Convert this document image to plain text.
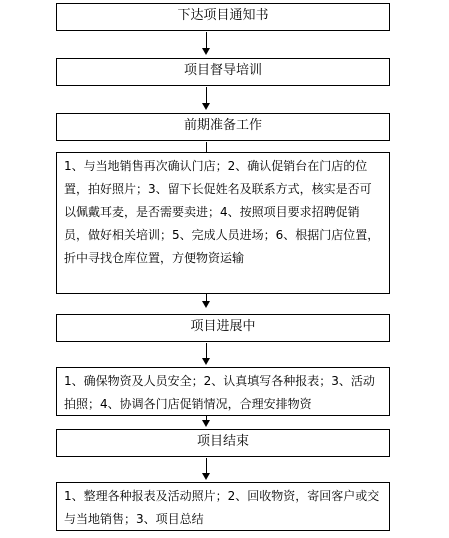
下达项目通知书
项目督导培训
前期准备工作
1、与当地销售再次确认门店；2、确认促销台在门店的位置，拍好照片；3、留下长促姓名及联系方式，核实是否可以佩戴耳麦，是否需要卖进；4、按照项目要求招聘促销员，做好相关培训；5、完成人员进场；6、根据门店位置，折中寻找仓库位置，方便物资运输
项目进展中
1、确保物资及人员安全；2、认真填写各种报表；3、活动拍照；4、协调各门店促销情况，合理安排物资
项目结束
1、整理各种报表及活动照片；2、回收物资，寄回客户或交与当地销售；3、项目总结
